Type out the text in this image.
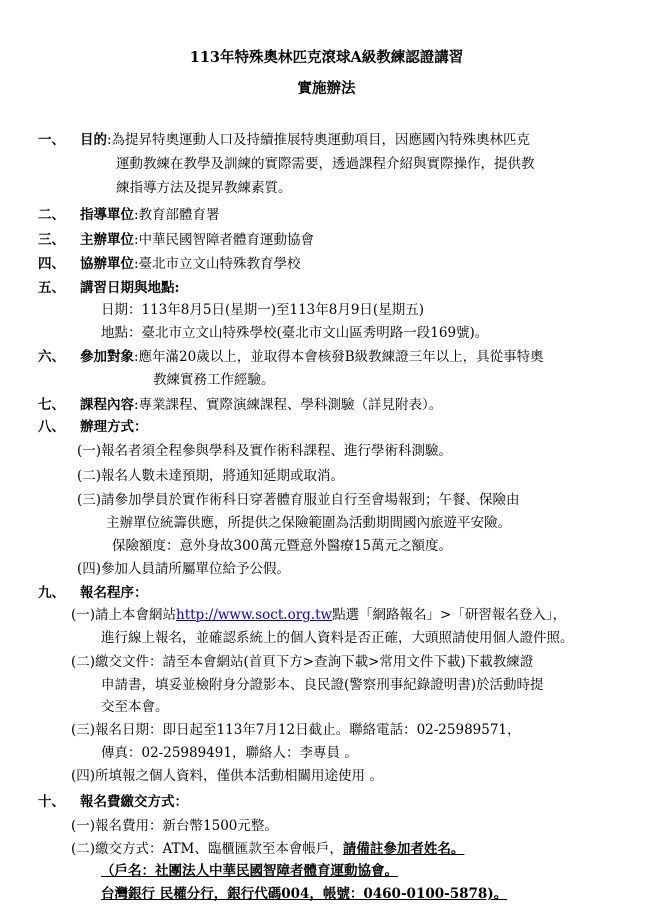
113年特殊奧林匹克滾球A級教練認證講習
實施辦法
一、 目的:為提昇特奧運動人口及持續推展特奧運動項目，因應國內特殊奧林匹克
運動教練在教學及訓練的實際需要，透過課程介紹與實際操作，提供教
練指導方法及提昇教練素質。
二、 指導單位:教育部體育署
三、 主辦單位:中華民國智障者體育運動協會
四、 協辦單位:臺北市立文山特殊教育學校
五、 講習日期與地點:
日期：113年8月5日(星期一)至113年8月9日(星期五)
地點：臺北市立文山特殊學校(臺北市文山區秀明路一段169號)。
六、 參加對象:應年滿20歲以上，並取得本會核發B級教練證三年以上，具從事特奧
教練實務工作經驗。
七、 課程內容:專業課程、實際演練課程、學科測驗（詳見附表）。
八、 辦理方式：
(一)報名者須全程參與學科及實作術科課程、進行學術科測驗。
(二)報名人數未達預期，將通知延期或取消。
(三)請參加學員於實作術科日穿著體育服並自行至會場報到；午餐、保險由
主辦單位統籌供應，所提供之保險範圍為活動期間國內旅遊平安險。
保險額度：意外身故300萬元暨意外醫療15萬元之額度。
(四)參加人員請所屬單位給予公假。
九、 報名程序：
(一)請上本會網站http://www.soct.org.tw點選「網路報名」>「研習報名登入」，
進行線上報名，並確認系統上的個人資料是否正確，大頭照請使用個人證件照。
(二)繳交文件：請至本會網站(首頁下方>查詢下載>常用文件下載)下載教練證
申請書，填妥並檢附身分證影本、良民證(警察刑事紀錄證明書)於活動時提
交至本會。
(三)報名日期：即日起至113年7月12日截止。聯絡電話：02-25989571，
傳真：02-25989491，聯絡人：李專員 。
(四)所填報之個人資料，僅供本活動相關用途使用 。
十、 報名費繳交方式：
(一)報名費用：新台幣1500元整。
(二)繳交方式：ATM、臨櫃匯款至本會帳戶，請備註參加者姓名。
（戶名：社團法人中華民國智障者體育運動協會。
台灣銀行 民權分行，銀行代碼004，帳號：0460-0100-5878)。
